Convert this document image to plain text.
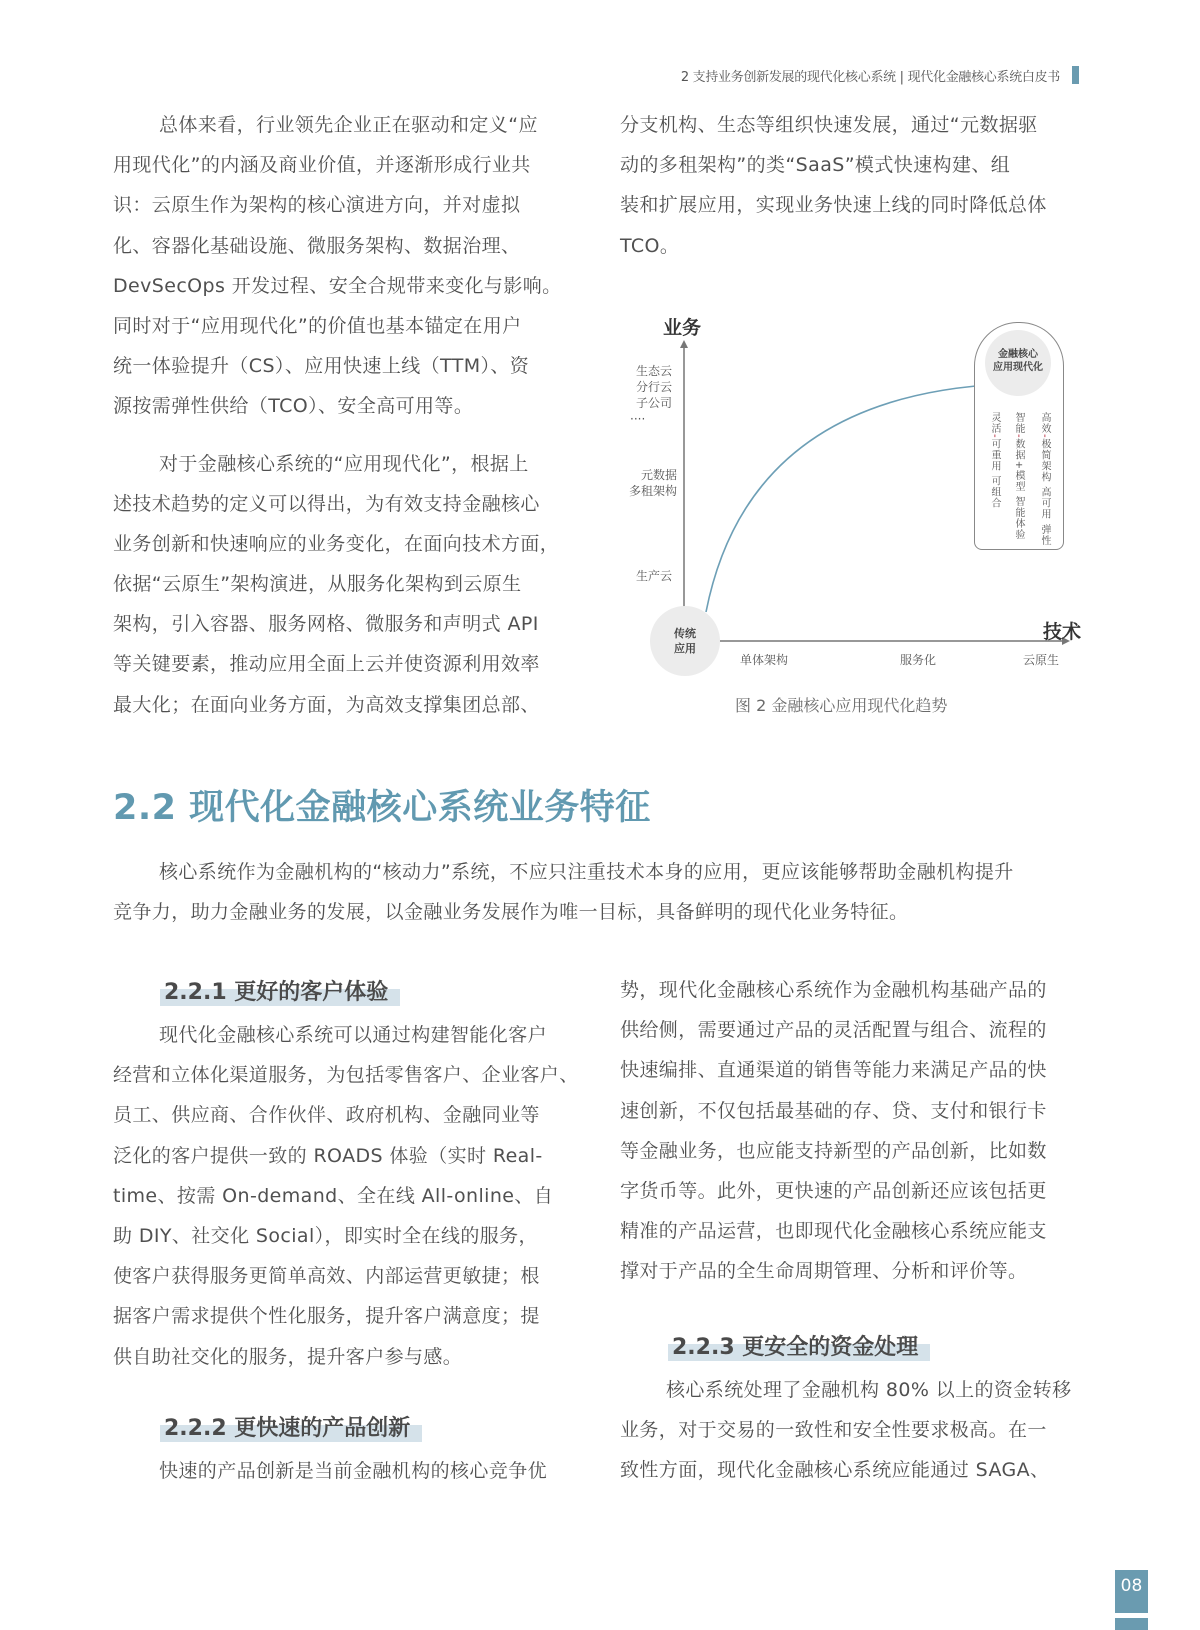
2 支持业务创新发展的现代化核心系统 | 现代化金融核心系统白皮书
总体来看，行业领先企业正在驱动和定义“应
用现代化”的内涵及商业价值，并逐渐形成行业共
识：云原生作为架构的核心演进方向，并对虚拟
化、容器化基础设施、微服务架构、数据治理、
DevSecOps 开发过程、安全合规带来变化与影响。
同时对于“应用现代化”的价值也基本锚定在用户
统一体验提升（CS）、应用快速上线（TTM）、资
源按需弹性供给（TCO）、安全高可用等。
对于金融核心系统的“应用现代化”，根据上
述技术趋势的定义可以得出，为有效支持金融核心
业务创新和快速响应的业务变化，在面向技术方面，
依据“云原生”架构演进，从服务化架构到云原生
架构，引入容器、服务网格、微服务和声明式 API
等关键要素，推动应用全面上云并使资源利用效率
最大化；在面向业务方面，为高效支撑集团总部、
分支机构、生态等组织快速发展，通过“元数据驱
动的多租架构”的类“SaaS”模式快速构建、组
装和扩展应用，实现业务快速上线的同时降低总体
TCO。
业务
技术
生态云
分行云
子公司
····
元数据
多租架构
生产云
单体架构	服务化	云原生
传统
应用
金融核心
应用现代化
灵活-可重用 可组合
智能-数据+模型 智能体验
高效-极简架构 高可用 弹性
图 2 金融核心应用现代化趋势
2.2 现代化金融核心系统业务特征
核心系统作为金融机构的“核动力”系统，不应只注重技术本身的应用，更应该能够帮助金融机构提升
竞争力，助力金融业务的发展，以金融业务发展作为唯一目标，具备鲜明的现代化业务特征。
2.2.1 更好的客户体验
现代化金融核心系统可以通过构建智能化客户
经营和立体化渠道服务，为包括零售客户、企业客户、
员工、供应商、合作伙伴、政府机构、金融同业等
泛化的客户提供一致的 ROADS 体验（实时 Real-
time、按需 On-demand、全在线 All-online、自
助 DIY、社交化 Social），即实时全在线的服务，
使客户获得服务更简单高效、内部运营更敏捷；根
据客户需求提供个性化服务，提升客户满意度；提
供自助社交化的服务，提升客户参与感。
2.2.2 更快速的产品创新
快速的产品创新是当前金融机构的核心竞争优
势，现代化金融核心系统作为金融机构基础产品的
供给侧，需要通过产品的灵活配置与组合、流程的
快速编排、直通渠道的销售等能力来满足产品的快
速创新，不仅包括最基础的存、贷、支付和银行卡
等金融业务，也应能支持新型的产品创新，比如数
字货币等。此外，更快速的产品创新还应该包括更
精准的产品运营，也即现代化金融核心系统应能支
撑对于产品的全生命周期管理、分析和评价等。
2.2.3 更安全的资金处理
核心系统处理了金融机构 80% 以上的资金转移
业务，对于交易的一致性和安全性要求极高。在一
致性方面，现代化金融核心系统应能通过 SAGA、
08
